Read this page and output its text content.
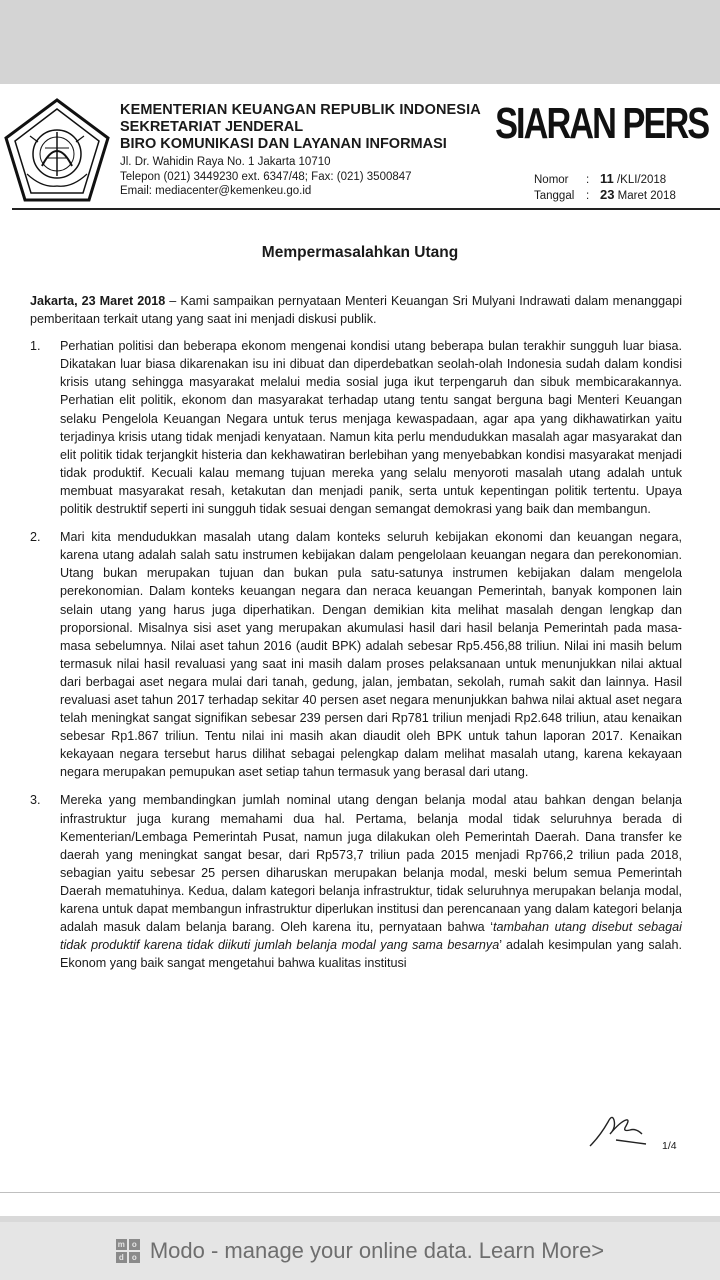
KEMENTERIAN KEUANGAN REPUBLIK INDONESIA
SEKRETARIAT JENDERAL
BIRO KOMUNIKASI DAN LAYANAN INFORMASI
Jl. Dr. Wahidin Raya No. 1 Jakarta 10710
Telepon (021) 3449230 ext. 6347/48; Fax: (021) 3500847
Email: mediacenter@kemenkeu.go.id
SIARAN PERS
Nomor : 11 /KLI/2018
Tanggal : 23 Maret 2018
Mempermasalahkan Utang

Jakarta, 23 Maret 2018 – Kami sampaikan pernyataan Menteri Keuangan Sri Mulyani Indrawati dalam menanggapi pemberitaan terkait utang yang saat ini menjadi diskusi publik.

1.	Perhatian politisi dan beberapa ekonom mengenai kondisi utang beberapa bulan terakhir sungguh luar biasa. Dikatakan luar biasa dikarenakan isu ini dibuat dan diperdebatkan seolah-olah Indonesia sudah dalam kondisi krisis utang sehingga masyarakat melalui media sosial juga ikut terpengaruh dan sibuk membicarakannya. Perhatian elit politik, ekonom dan masyarakat terhadap utang tentu sangat berguna bagi Menteri Keuangan selaku Pengelola Keuangan Negara untuk terus menjaga kewaspadaan, agar apa yang dikhawatirkan yaitu terjadinya krisis utang tidak menjadi kenyataan. Namun kita perlu mendudukkan masalah agar masyarakat dan elit politik tidak terjangkit histeria dan kekhawatiran berlebihan yang menyebabkan kondisi masyarakat menjadi tidak produktif. Kecuali kalau memang tujuan mereka yang selalu menyoroti masalah utang adalah untuk membuat masyarakat resah, ketakutan dan menjadi panik, serta untuk kepentingan politik tertentu. Upaya politik destruktif seperti ini sungguh tidak sesuai dengan semangat demokrasi yang baik dan membangun.
2.	Mari kita mendudukkan masalah utang dalam konteks seluruh kebijakan ekonomi dan keuangan negara, karena utang adalah salah satu instrumen kebijakan dalam pengelolaan keuangan negara dan perekonomian. Utang bukan merupakan tujuan dan bukan pula satu-satunya instrumen kebijakan dalam mengelola perekonomian. Dalam konteks keuangan negara dan neraca keuangan Pemerintah, banyak komponen lain selain utang yang harus juga diperhatikan. Dengan demikian kita melihat masalah dengan lengkap dan proporsional. Misalnya sisi aset yang merupakan akumulasi hasil dari hasil belanja Pemerintah pada masa-masa sebelumnya. Nilai aset tahun 2016 (audit BPK) adalah sebesar Rp5.456,88 triliun. Nilai ini masih belum termasuk nilai hasil revaluasi yang saat ini masih dalam proses pelaksanaan untuk menunjukkan nilai aktual dari berbagai aset negara mulai dari tanah, gedung, jalan, jembatan, sekolah, rumah sakit dan lainnya. Hasil revaluasi aset tahun 2017 terhadap sekitar 40 persen aset negara menunjukkan bahwa nilai aktual aset negara telah meningkat sangat signifikan sebesar 239 persen dari Rp781 triliun menjadi Rp2.648 triliun, atau kenaikan sebesar Rp1.867 triliun. Tentu nilai ini masih akan diaudit oleh BPK untuk tahun laporan 2017. Kenaikan kekayaan negara tersebut harus dilihat sebagai pelengkap dalam melihat masalah utang, karena kekayaan negara merupakan pemupukan aset setiap tahun termasuk yang berasal dari utang.
3.	Mereka yang membandingkan jumlah nominal utang dengan belanja modal atau bahkan dengan belanja infrastruktur juga kurang memahami dua hal. Pertama, belanja modal tidak seluruhnya berada di Kementerian/Lembaga Pemerintah Pusat, namun juga dilakukan oleh Pemerintah Daerah. Dana transfer ke daerah yang meningkat sangat besar, dari Rp573,7 triliun pada 2015 menjadi Rp766,2 triliun pada 2018, sebagian yaitu sebesar 25 persen diharuskan merupakan belanja modal, meski belum semua Pemerintah Daerah mematuhinya. Kedua, dalam kategori belanja infrastruktur, tidak seluruhnya merupakan belanja modal, karena untuk dapat membangun infrastruktur diperlukan institusi dan perencanaan yang dalam kategori belanja adalah masuk dalam belanja barang. Oleh karena itu, pernyataan bahwa ‘tambahan utang disebut sebagai tidak produktif karena tidak diikuti jumlah belanja modal yang sama besarnya’ adalah kesimpulan yang salah. Ekonom yang baik sangat mengetahui bahwa kualitas institusi
1/4
m o
d	o Modo - manage your online data. Learn More>
